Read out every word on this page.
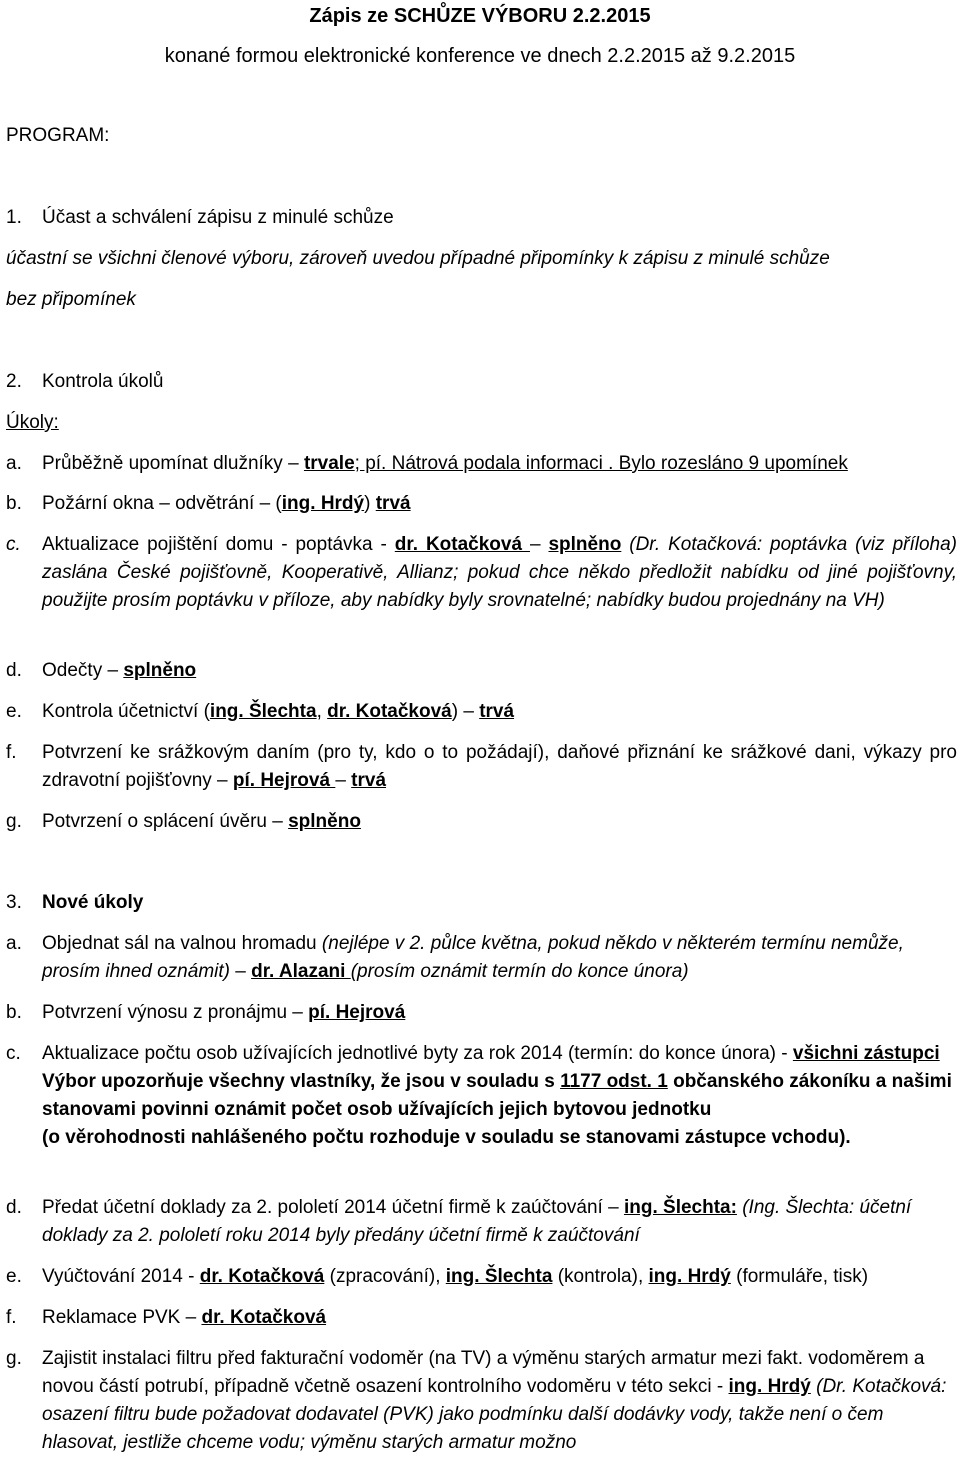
Zápis ze SCHŮZE VÝBORU 2.2.2015
konané formou elektronické konference ve dnech 2.2.2015 až 9.2.2015
PROGRAM:
1.	Účast a schválení zápisu z minulé schůze
účastní se všichni členové výboru, zároveň uvedou případné připomínky k zápisu z minulé schůze
bez připomínek
2.	Kontrola úkolů
Úkoly:
a.	Průběžně upomínat dlužníky – trvale; pí. Nátrová podala informaci . Bylo rozesláno 9 upomínek
b.	Požární okna – odvětrání – (ing. Hrdý) trvá
c.	Aktualizace pojištění domu - poptávka - dr. Kotačková – splněno (Dr. Kotačková: poptávka (viz příloha) zaslána České pojišťovně, Kooperativě, Allianz; pokud chce někdo předložit nabídku od jiné pojišťovny, použijte prosím poptávku v příloze, aby nabídky byly srovnatelné; nabídky budou projednány na VH)
d.	Odečty – splněno
e.	Kontrola účetnictví (ing. Šlechta, dr. Kotačková) – trvá
f.	Potvrzení ke srážkovým daním (pro ty, kdo o to požádají), daňové přiznání ke srážkové dani, výkazy pro zdravotní pojišťovny – pí. Hejrová – trvá
g.	Potvrzení o splácení úvěru – splněno
3.	Nové úkoly
a.	Objednat sál na valnou hromadu (nejlépe v 2. půlce května, pokud někdo v některém termínu nemůže, prosím ihned oznámit) – dr. Alazani (prosím oznámit termín do konce února)
b.	Potvrzení výnosu z pronájmu – pí. Hejrová
c.	Aktualizace počtu osob užívajících jednotlivé byty za rok 2014 (termín: do konce února) - všichni zástupci
Výbor upozorňuje všechny vlastníky, že jsou v souladu s 1177 odst. 1 občanského zákoníku a našimi stanovami povinni oznámit počet osob užívajících jejich bytovou jednotku
(o věrohodnosti nahlášeného počtu rozhoduje v souladu se stanovami zástupce vchodu).
d.	Předat účetní doklady za 2. pololetí 2014 účetní firmě k zaúčtování – ing. Šlechta: (Ing. Šlechta: účetní doklady za 2. pololetí roku 2014 byly předány účetní firmě k zaúčtování
e.	Vyúčtování 2014 - dr. Kotačková (zpracování), ing. Šlechta (kontrola), ing. Hrdý (formuláře, tisk)
f.	Reklamace PVK – dr. Kotačková
g.	Zajistit instalaci filtru před fakturační vodoměr (na TV) a výměnu starých armatur mezi fakt. vodoměrem a novou částí potrubí, případně včetně osazení kontrolního vodoměru v této sekci - ing. Hrdý (Dr. Kotačková: osazení filtru bude požadovat dodavatel (PVK) jako podmínku další dodávky vody, takže není o čem hlasovat, jestliže chceme vodu; výměnu starých armatur možno
